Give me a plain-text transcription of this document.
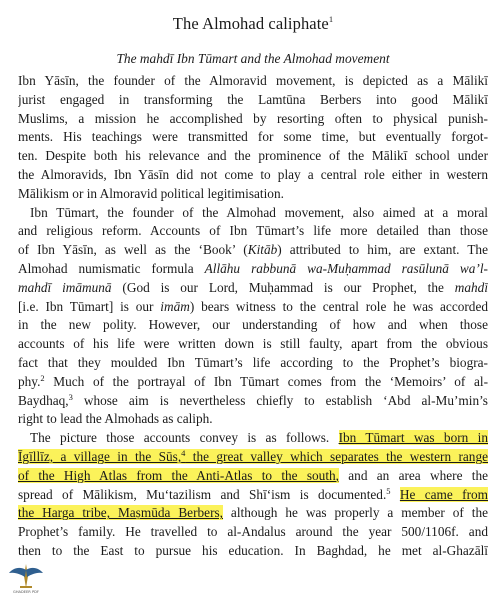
The Almohad caliphate$^1$
The mahdī Ibn Tūmart and the Almohad movement
Ibn Yāsīn, the founder of the Almoravid movement, is depicted as a Mālikī
jurist engaged in transforming the Lamtūna Berbers into good Mālikī
Muslims, a mission he accomplished by resorting often to physical punish-
ments. His teachings were transmitted for some time, but eventually forgot-
ten. Despite both his relevance and the prominence of the Mālikī school under
the Almoravids, Ibn Yāsīn did not come to play a central role either in western
Mālikism or in Almoravid political legitimisation.
Ibn Tūmart, the founder of the Almohad movement, also aimed at a moral
and religious reform. Accounts of Ibn Tūmart’s life more detailed than those
of Ibn Yāsīn, as well as the ‘Book’ (Kitāb) attributed to him, are extant. The
Almohad numismatic formula Allāhu rabbunā wa-Muḥammad rasūlunā wa’l-
mahdī imāmunā (God is our Lord, Muḥammad is our Prophet, the mahdī
[i.e. Ibn Tūmart] is our imām) bears witness to the central role he was accorded
in the new polity. However, our understanding of how and when those
accounts of his life were written down is still faulty, apart from the obvious
fact that they moulded Ibn Tūmart’s life according to the Prophet’s biogra-
phy.$^2$ Much of the portrayal of Ibn Tūmart comes from the ‘Memoirs’ of al-
Baydhaq,$^3$ whose aim is nevertheless chiefly to establish ‘Abd al-Mu’min’s
right to lead the Almohads as caliph.
The picture those accounts convey is as follows. Ibn Tūmart was born in
Īgīllīz, a village in the Sūs,$^4$ the great valley which separates the western range
of the High Atlas from the Anti-Atlas to the south, and an area where the
spread of Mālikism, Mu‘tazilism and Shī‘ism is documented.$^5$ He came from
the Harga tribe, Maṣmūda Berbers, although he was properly a member of the
Prophet’s family. He travelled to al-Andalus around the year 500/1106f. and
then to the East to pursue his education. In Baghdad, he met al-Ghazālī
GHADEER PDF
